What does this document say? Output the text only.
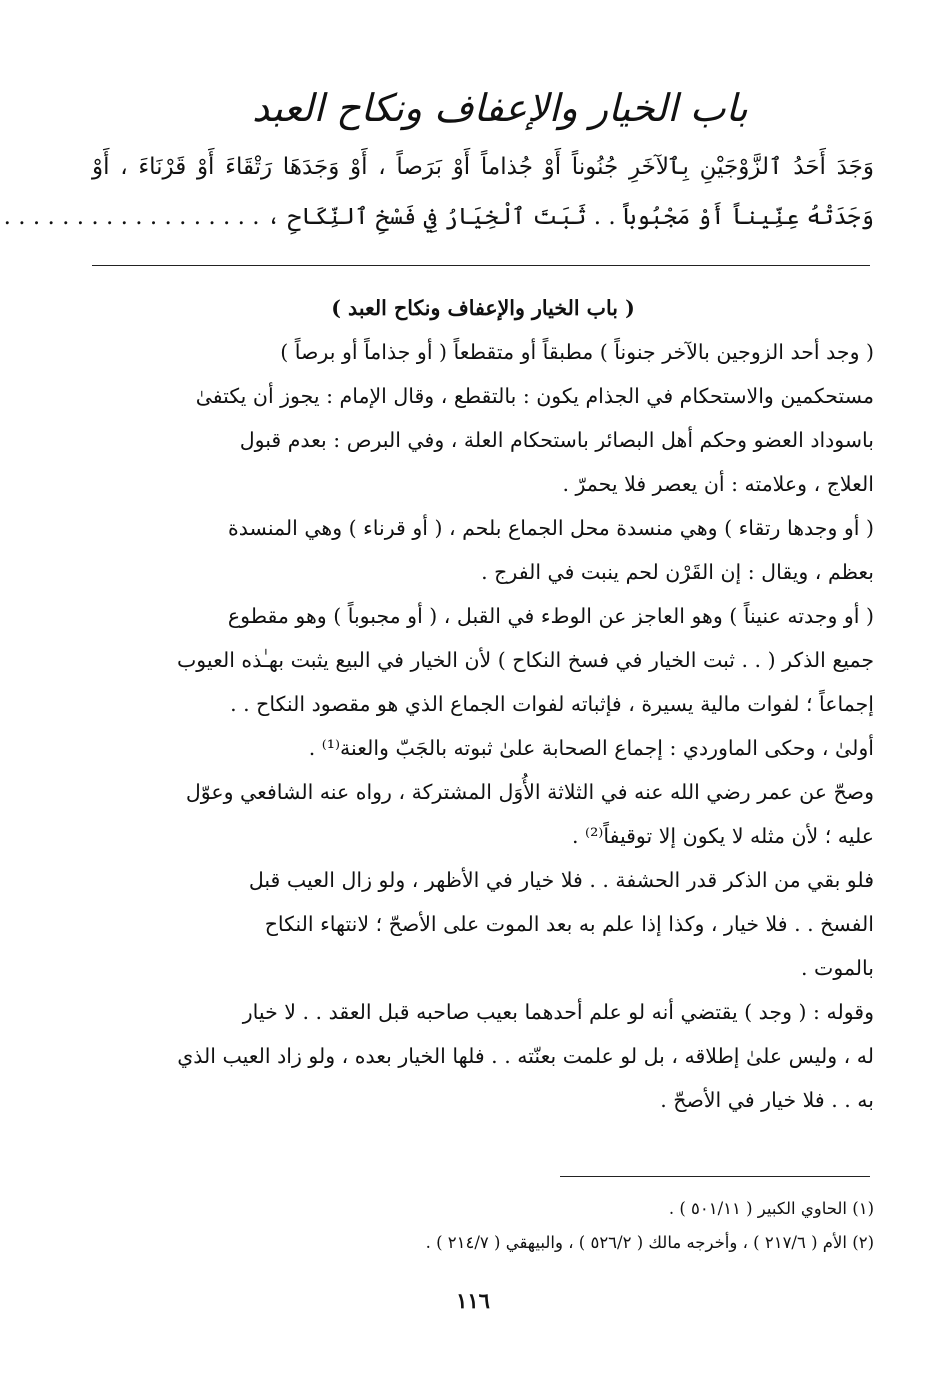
باب الخيار والإعفاف ونكاح العبد
وَجَدَ أَحَدُ ٱلزَّوْجَيْنِ بِٱلآخَرِ جُنُوناً أَوْ جُذاماً أَوْ بَرَصاً ، أَوْ وَجَدَهَا رَتْقَاءَ أَوْ قَرْنَاءَ ، أَوْ
وَجَدَتْهُ عِنِّيناً أَوْ مَجْبُوباً . . ثَبَتَ ٱلْخِيَارُ فِي فَسْخِ ٱلنِّكَاحِ ، . . . . . . . . . . . . . . . . . .
( باب الخيار والإعفاف ونكاح العبد )
( وجد أحد الزوجين بالآخر جنوناً ) مطبقاً أو متقطعاً ( أو جذاماً أو برصاً )
مستحكمين والاستحكام في الجذام يكون : بالتقطع ، وقال الإمام : يجوز أن يكتفىٰ
باسوداد العضو وحكم أهل البصائر باستحكام العلة ، وفي البرص : بعدم قبول
العلاج ، وعلامته : أن يعصر فلا يحمرّ .
( أو وجدها رتقاء ) وهي منسدة محل الجماع بلحم ، ( أو قرناء ) وهي المنسدة
بعظم ، ويقال : إن القَرْن لحم ينبت في الفرج .
( أو وجدته عنيناً ) وهو العاجز عن الوطء في القبل ، ( أو مجبوباً ) وهو مقطوع
جميع الذكر ( . . ثبت الخيار في فسخ النكاح ) لأن الخيار في البيع يثبت بهـٰذه العيوب
إجماعاً ؛ لفوات مالية يسيرة ، فإثباته لفوات الجماع الذي هو مقصود النكاح . .
أولىٰ ، وحكى الماوردي : إجماع الصحابة علىٰ ثبوته بالجَبّ والعنة⁽¹⁾ .
وصحّ عن عمر رضي الله عنه في الثلاثة الأُوَل المشتركة ، رواه عنه الشافعي وعوّل
عليه ؛ لأن مثله لا يكون إلا توقيفاً⁽²⁾ .
فلو بقي من الذكر قدر الحشفة . . فلا خيار في الأظهر ، ولو زال العيب قبل
الفسخ . . فلا خيار ، وكذا إذا علم به بعد الموت على الأصحّ ؛ لانتهاء النكاح
بالموت .
وقوله : ( وجد ) يقتضي أنه لو علم أحدهما بعيب صاحبه قبل العقد . . لا خيار
له ، وليس علىٰ إطلاقه ، بل لو علمت بعنّته . . فلها الخيار بعده ، ولو زاد العيب الذي
به . . فلا خيار في الأصحّ .
(١) الحاوي الكبير ( ٥٠١/١١ ) .
(٢) الأم ( ٢١٧/٦ ) ، وأخرجه مالك ( ٥٢٦/٢ ) ، والبيهقي ( ٢١٤/٧ ) .
١١٦
